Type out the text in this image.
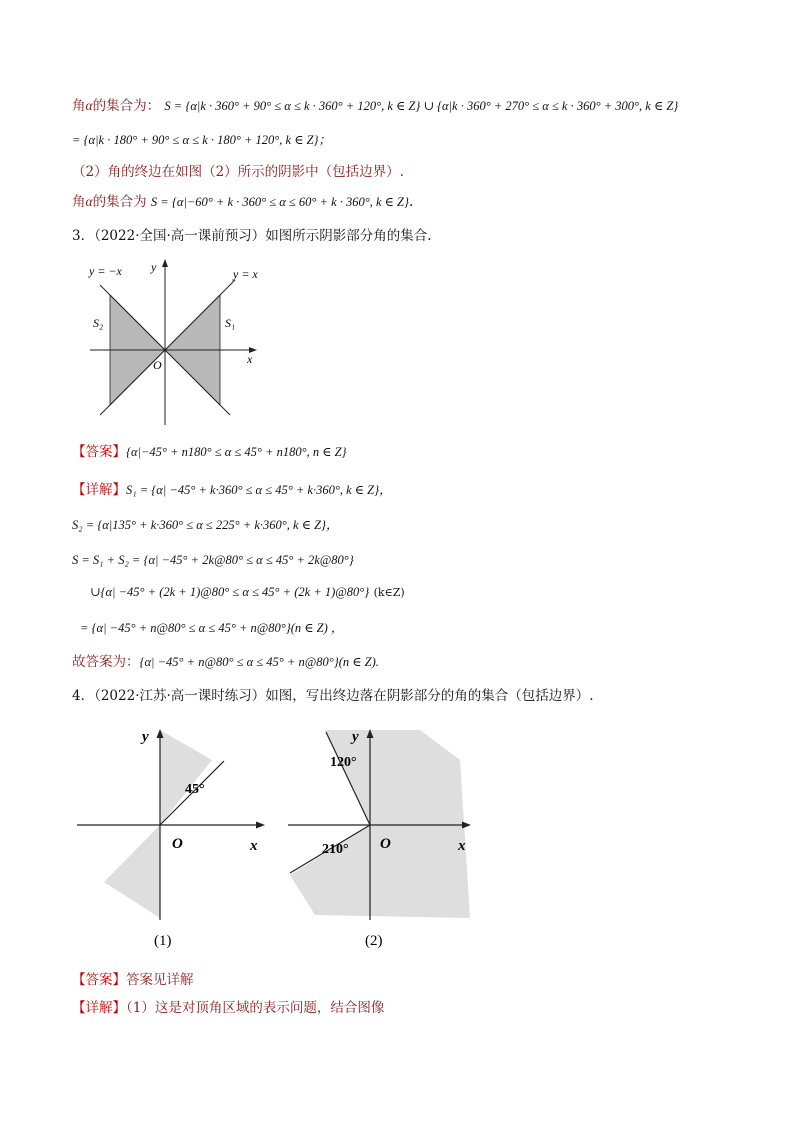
角α的集合为： S = {α|k · 360° + 90° ≤ α ≤ k · 360° + 120°, k ∈ Z} ∪ {α|k · 360° + 270° ≤ α ≤ k · 360° + 300°, k ∈ Z}
= {α|k · 180° + 90° ≤ α ≤ k · 180° + 120°, k ∈ Z}；
（2）角的终边在如图（2）所示的阴影中（包括边界）.
角α的集合为 S = {α|−60° + k · 360° ≤ α ≤ 60° + k · 360°, k ∈ Z}.
3．（2022·全国·高一课前预习）如图所示阴影部分角的集合.
y = −x	y = x
y
x
O
S₁
S₂
【答案】{α|−45° + n180° ≤ α ≤ 45° + n180°, n ∈ Z}
【详解】S₁ = {α| −45° + k·360° ≤ α ≤ 45° + k·360°, k ∈ Z}，
S₂ = {α|135° + k·360° ≤ α ≤ 225° + k·360°, k ∈ Z}，
S = S₁ + S₂ = {α| −45° + 2k@80° ≤ α ≤ 45° + 2k@80°}
∪{α| −45° + (2k + 1)@80° ≤ α ≤ 45° + (2k + 1)@80°} (k∈Z)
= {α| −45° + n@80° ≤ α ≤ 45° + n@80°}(n ∈ Z) ，
故答案为：{α| −45° + n@80° ≤ α ≤ 45° + n@80°}(n ∈ Z).
4．（2022·江苏·高一课时练习）如图，写出终边落在阴影部分的角的集合（包括边界）.
y
x
O
45°
(1)
y
x
O
120°
210°
(2)
【答案】答案见详解
【详解】（1）这是对顶角区域的表示问题，结合图像
